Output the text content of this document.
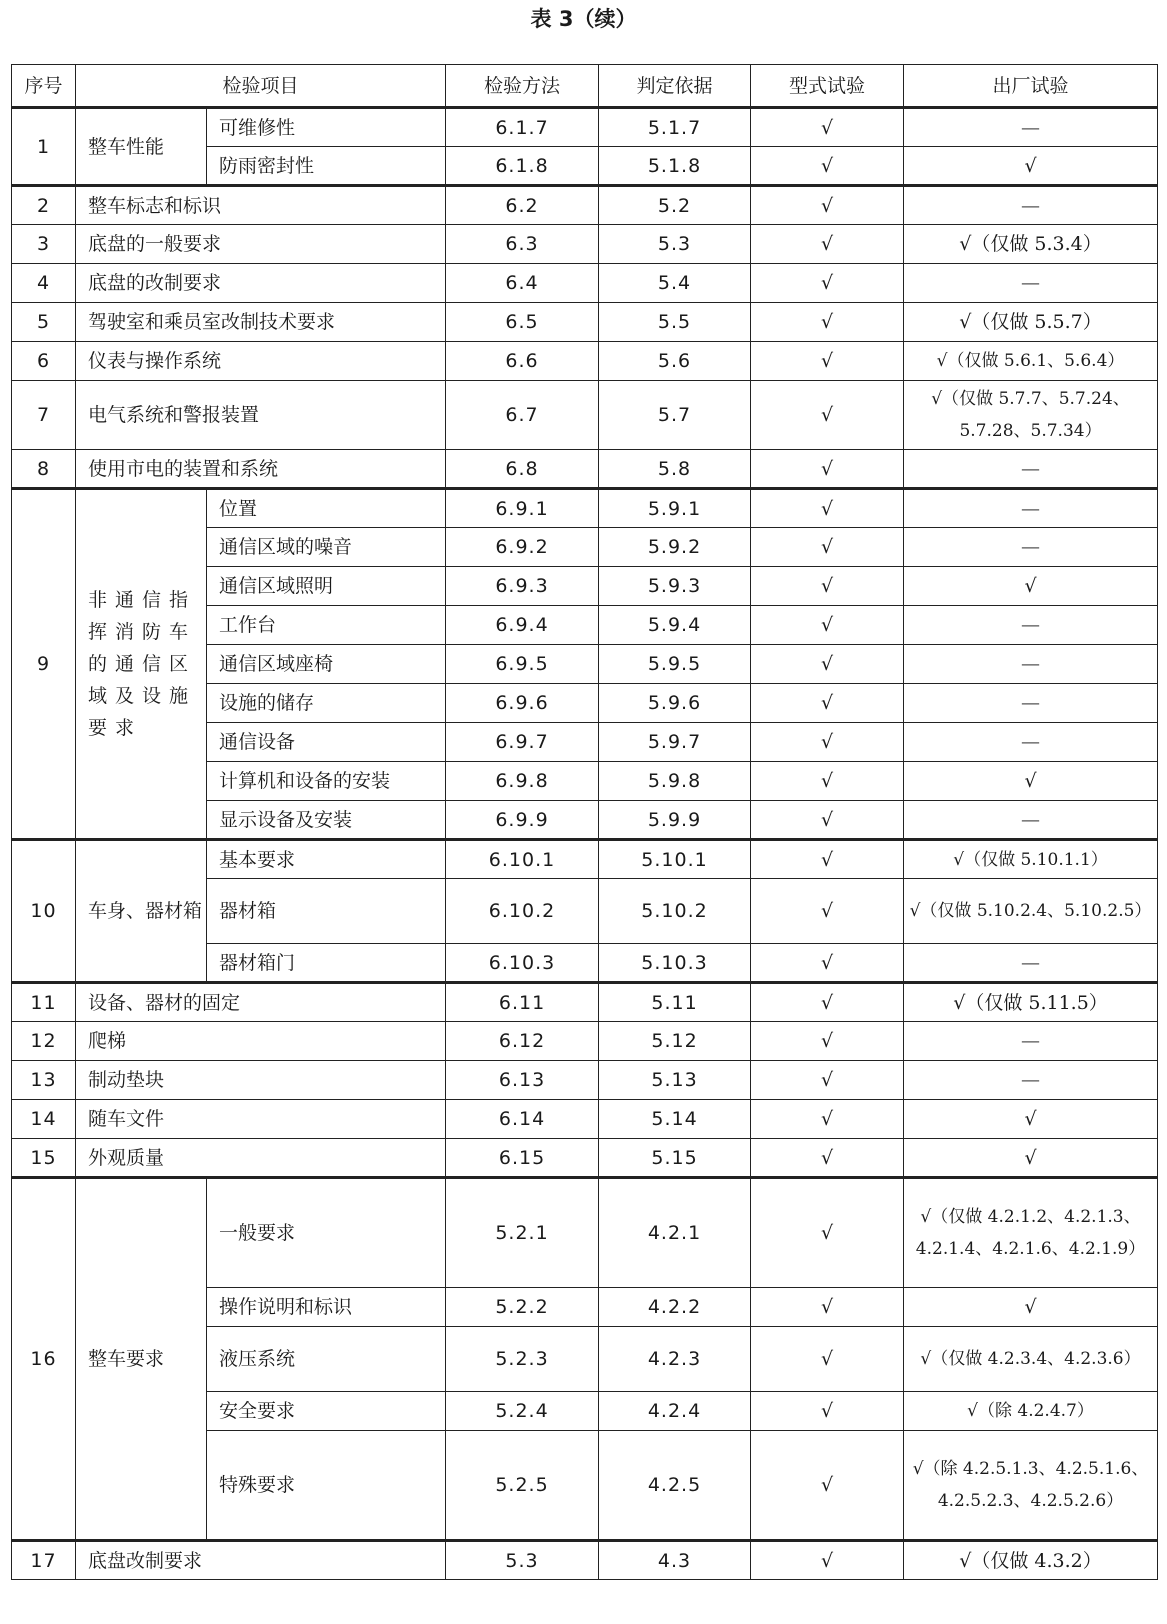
表 3（续）
序号	检验项目		检验方法	判定依据	型式试验	出厂试验
1	整车性能	可维修性	6.1.7	5.1.7	√	—
		防雨密封性	6.1.8	5.1.8	√	√
2	整车标志和标识		6.2	5.2	√	—
3	底盘的一般要求		6.3	5.3	√	√（仅做 5.3.4）
4	底盘的改制要求		6.4	5.4	√	—
5	驾驶室和乘员室改制技术要求		6.5	5.5	√	√（仅做 5.5.7）
6	仪表与操作系统		6.6	5.6	√	√（仅做 5.6.1、5.6.4）
7	电气系统和警报装置		6.7	5.7	√	√（仅做 5.7.7、5.7.24、5.7.28、5.7.34）
8	使用市电的装置和系统		6.8	5.8	√	—
9	非通信指挥消防车的通信区域及设施要求	位置	6.9.1	5.9.1	√	—
		通信区域的噪音	6.9.2	5.9.2	√	—
		通信区域照明	6.9.3	5.9.3	√	√
		工作台	6.9.4	5.9.4	√	—
		通信区域座椅	6.9.5	5.9.5	√	—
		设施的储存	6.9.6	5.9.6	√	—
		通信设备	6.9.7	5.9.7	√	—
		计算机和设备的安装	6.9.8	5.9.8	√	√
		显示设备及安装	6.9.9	5.9.9	√	—
10	车身、器材箱	基本要求	6.10.1	5.10.1	√	√（仅做 5.10.1.1）
		器材箱	6.10.2	5.10.2	√	√（仅做 5.10.2.4、5.10.2.5）
		器材箱门	6.10.3	5.10.3	√	—
11	设备、器材的固定		6.11	5.11	√	√（仅做 5.11.5）
12	爬梯		6.12	5.12	√	—
13	制动垫块		6.13	5.13	√	—
14	随车文件		6.14	5.14	√	√
15	外观质量		6.15	5.15	√	√
16	整车要求	一般要求	5.2.1	4.2.1	√	√（仅做 4.2.1.2、4.2.1.3、4.2.1.4、4.2.1.6、4.2.1.9）
		操作说明和标识	5.2.2	4.2.2	√	√
		液压系统	5.2.3	4.2.3	√	√（仅做 4.2.3.4、4.2.3.6）
		安全要求	5.2.4	4.2.4	√	√（除 4.2.4.7）
		特殊要求	5.2.5	4.2.5	√	√（除 4.2.5.1.3、4.2.5.1.6、4.2.5.2.3、4.2.5.2.6）
17	底盘改制要求		5.3	4.3	√	√（仅做 4.3.2）
